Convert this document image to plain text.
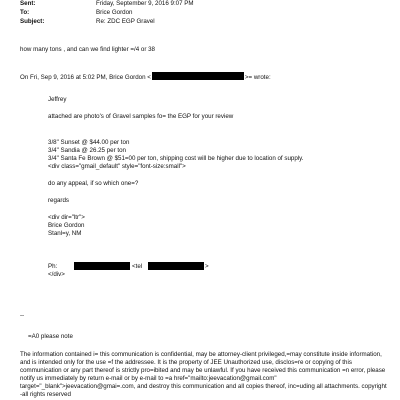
Sent:	Friday, September 9, 2016 9:07 PM
To:	Brice Gordon
Subject:	Re: ZDC EGP Gravel
how many tons , and can we find lighter =/4 or 38
On Fri, Sep 9, 2016 at 5:02 PM, Brice Gordon <	>= wrote:
Jeffrey
attached are photo's of Gravel samples fo= the EGP for your review
3/8" Sunset @ $44.00 per ton
3/4" Sandia @ 26.25 per ton
3/4" Santa Fe Brown @ $51=00 per ton, shipping cost will be higher due to location of supply.
<div class="gmail_default" style="font-size:small">
do any appeal, if so which one=?
regards
<div dir="ltr">
Brice Gordon
Stanl=y, NM
Ph:	<tel	>
</div>
--
=A0 please note
The information contained i= this communication is confidential, may be attorney-client privileged,=may constitute inside information, and is intended only for the use =f the addressee. It is the property of JEE Unauthorized use, disclos=re or copying of this communication or any part thereof is strictly pro=ibited and may be unlawful. If you have received this communication =n error, please notify us immediately by return e-mail or by e-mail to =a href="mailto:jeevacation@gmail.com" target="_blank">jeevacation@gmai=.com, and destroy this communication and all copies thereof, inc=uding all attachments. copyright -all rights reserved
